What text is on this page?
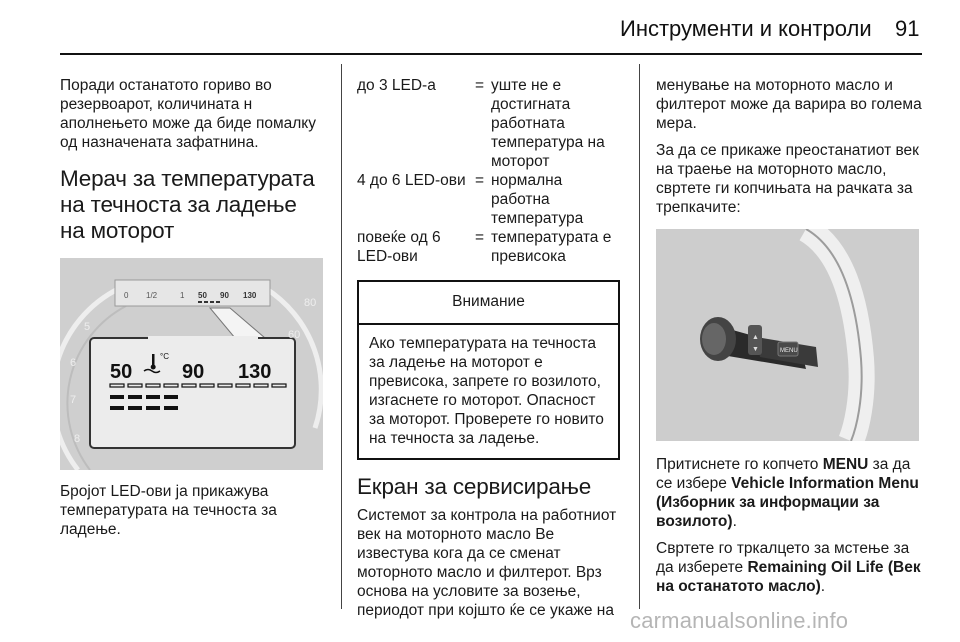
Инструменти и контроли 91

Поради останатото гориво во резервоарот, количината н аполнењето може да биде помалку од назначената зафатнина.

Мерач за температурата на течноста за ладење на моторот
0 1/2	1 50 90 130
50 90 130
°C
5
6
7
8
60
80

Бројот LED-ови ја прикажува температурата на течноста за ладење.

до 3 LED-а	=	уште не е достигната работната температура на моторот
4 до 6 LED-ови	=	нормална работна температура
повеќе од 6 LED-ови	=	температурата е превисока
Внимание
Ако температурата на течноста за ладење на моторот е превисока, запрете го возилото, изгаснете го моторот. Опасност за моторот. Проверете го новито на течноста за ладење.
Екран за сервисирање

Системот за контрола на работниот век на моторното масло Ве известува кога да се сменат моторното масло и филтерот. Врз основа на условите за возење, периодот при којшто ќе се укаже на

менување на моторното масло и филтерот може да варира во голема мера.

За да се прикаже преостанатиот век на траење на моторното масло, свртете ги копчињата на рачката за трепкачите:

▲
▼	MENU

Притиснете го копчето MENU за да се избере Vehicle Information Menu (Изборник за информации за возилото).

Свртете го тркалцето за мстење за да изберете Remaining Oil Life (Век на останатото масло).

carmanualsonline.info
